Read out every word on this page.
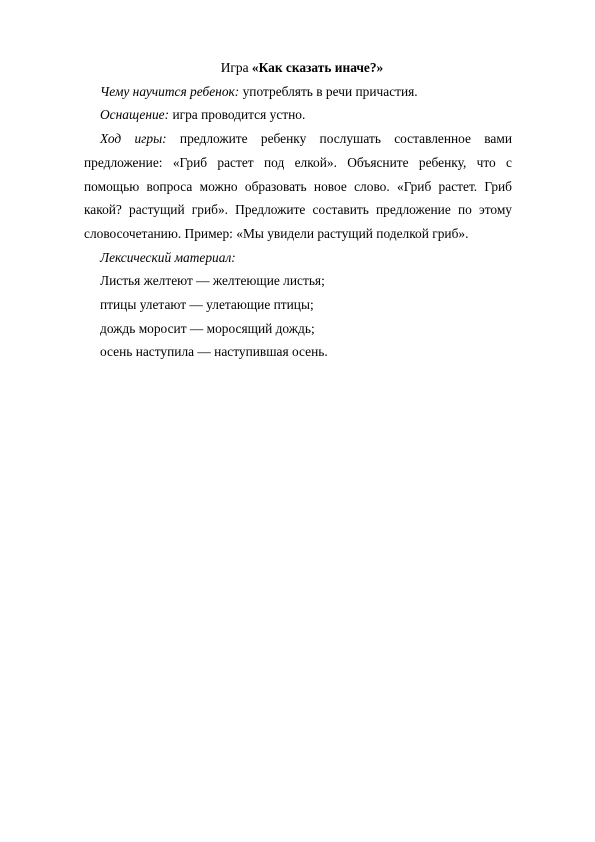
Игра «Как сказать иначе?»

Чему научится ребенок: употреблять в речи причастия.

Оснащение: игра проводится устно.

Ход игры: предложите ребенку послушать составленное вами предложение: «Гриб растет под елкой». Объясните ребенку, что с помощью вопроса можно образовать новое слово. «Гриб растет. Гриб какой? растущий гриб». Предложите составить предложение по этому словосочетанию. Пример: «Мы увидели растущий поделкой гриб».

Лексический материал:

Листья желтеют — желтеющие листья;

птицы улетают — улетающие птицы;

дождь моросит — моросящий дождь;

осень наступила — наступившая осень.
